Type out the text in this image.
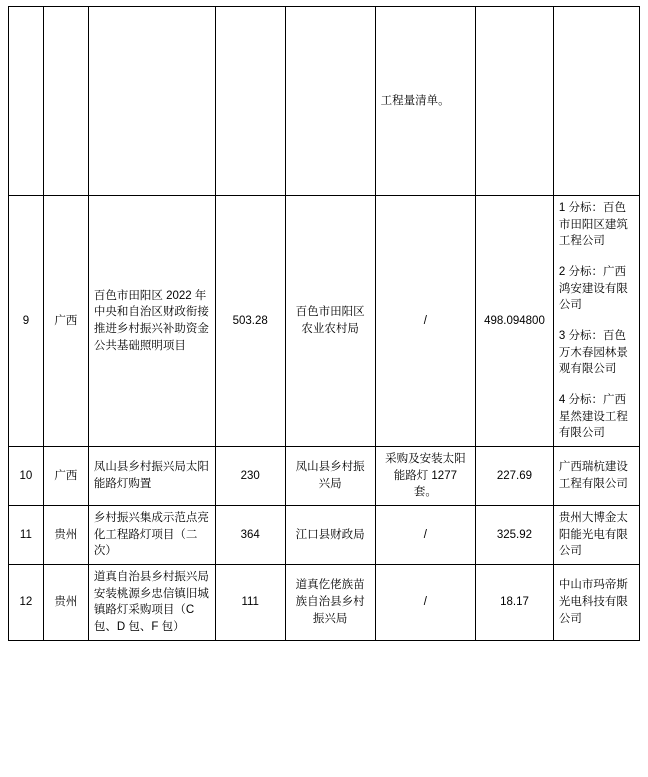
					工程量清单。		
9	广西	百色市田阳区 2022 年中央和自治区财政衔接推进乡村振兴补助资金公共基础照明项目	503.28	百色市田阳区农业农村局	/	498.094800	1 分标：百色市田阳区建筑工程公司

2 分标：广西鸿安建设有限公司

3 分标：百色万木春园林景观有限公司

4 分标：广西星然建设工程有限公司

10	广西	凤山县乡村振兴局太阳能路灯购置	230	凤山县乡村振兴局	采购及安装太阳能路灯 1277 套。	227.69	广西瑞杭建设工程有限公司
11	贵州	乡村振兴集成示范点亮化工程路灯项目（二次）	364	江口县财政局	/	325.92	贵州大博金太阳能光电有限公司
12	贵州	道真自治县乡村振兴局安装桃源乡忠信镇旧城镇路灯采购项目（C 包、D 包、F 包）	111	道真仡佬族苗族自治县乡村振兴局	/	18.17	中山市玛帝斯光电科技有限公司
